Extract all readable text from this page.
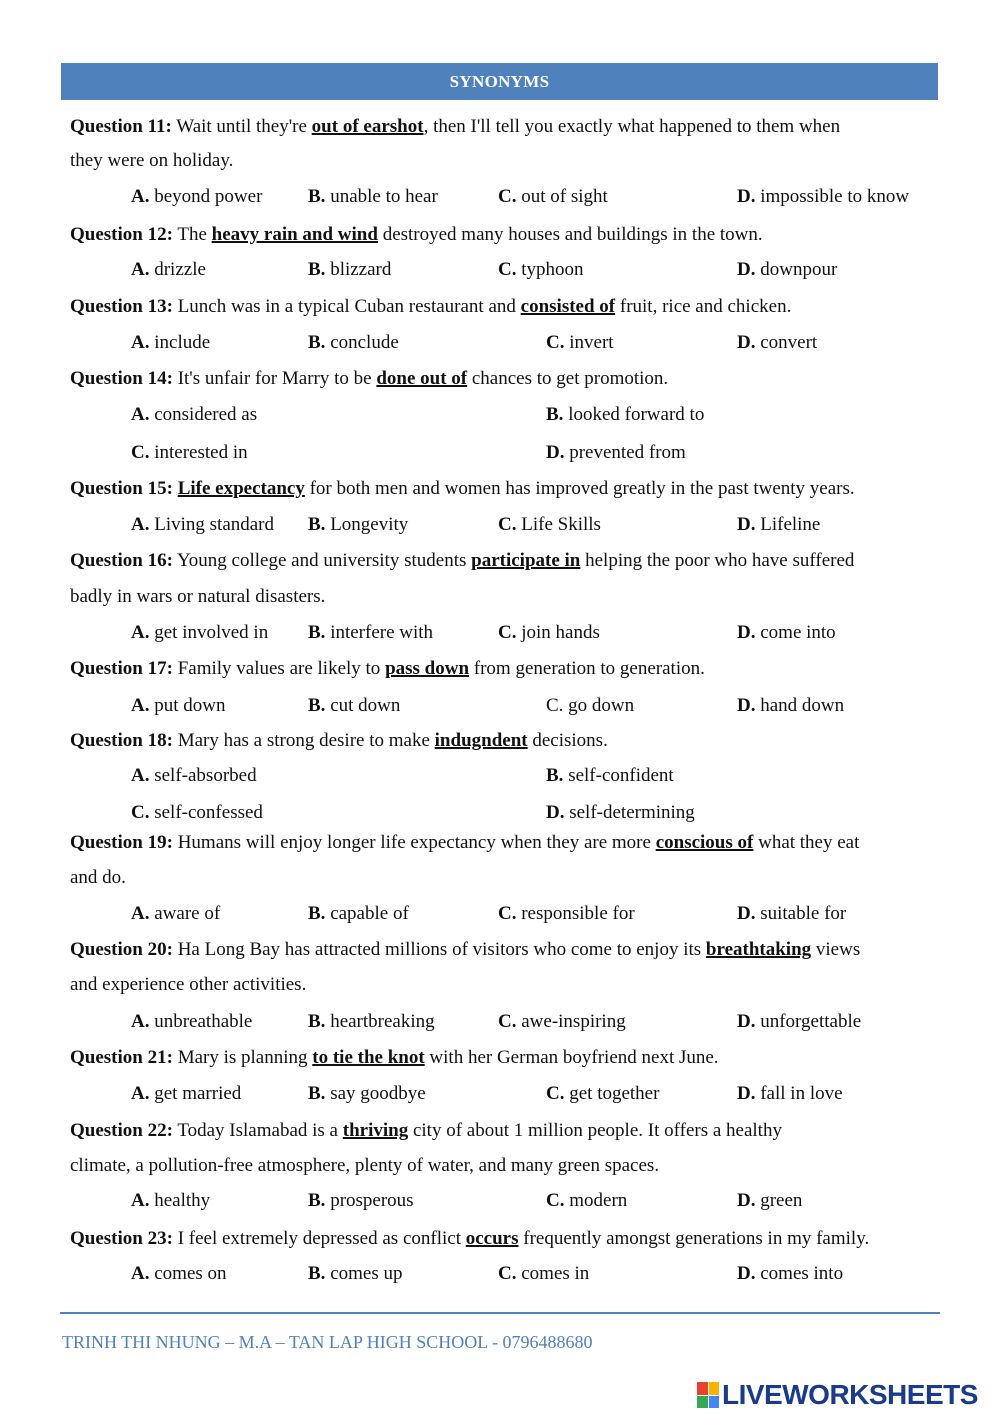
SYNONYMS
Question 11: Wait until they're out of earshot, then I'll tell you exactly what happened to them when
they were on holiday.
A. beyond power B. unable to hear	C. out of sight	D. impossible to know
Question 12: The heavy rain and wind destroyed many houses and buildings in the town.
A. drizzle	B. blizzard	C. typhoon	D. downpour
Question 13: Lunch was in a typical Cuban restaurant and consisted of fruit, rice and chicken.
A. include	B. conclude	C. invert	D. convert
Question 14: It's unfair for Marry to be done out of chances to get promotion.
A. considered as	B. looked forward to
C. interested in	D. prevented from
Question 15: Life expectancy for both men and women has improved greatly in the past twenty years.
A. Living standard B. Longevity	C. Life Skills	D. Lifeline
Question 16: Young college and university students participate in helping the poor who have suffered
badly in wars or natural disasters.
A. get involved in B. interfere with	C. join hands	D. come into
Question 17: Family values are likely to pass down from generation to generation.
A. put down	B. cut down	C. go down	D. hand down
Question 18: Mary has a strong desire to make indugndent decisions.
A. self-absorbed	B. self-confident
C. self-confessed	D. self-determining
Question 19: Humans will enjoy longer life expectancy when they are more conscious of what they eat
and do.
A. aware of	B. capable of	C. responsible for	D. suitable for
Question 20: Ha Long Bay has attracted millions of visitors who come to enjoy its breathtaking views
and experience other activities.
A. unbreathable	B. heartbreaking	C. awe-inspiring	D. unforgettable
Question 21: Mary is planning to tie the knot with her German boyfriend next June.
A. get married	B. say goodbye	C. get together	D. fall in love
Question 22: Today Islamabad is a thriving city of about 1 million people. It offers a healthy
climate, a pollution-free atmosphere, plenty of water, and many green spaces.
A. healthy	B. prosperous	C. modern	D. green
Question 23: I feel extremely depressed as conflict occurs frequently amongst generations in my family.
A. comes on	B. comes up	C. comes in	D. comes into
TRINH THI NHUNG – M.A – TAN LAP HIGH SCHOOL - 0796488680
LIVEWORKSHEETS
